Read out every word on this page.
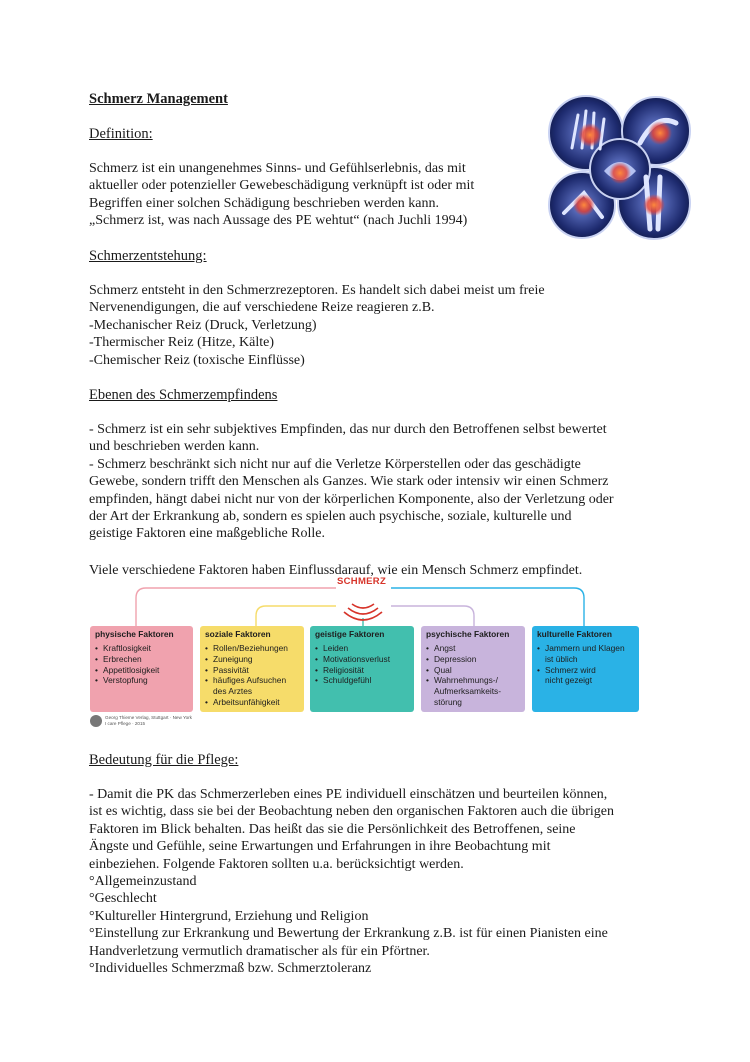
Schmerz Management
Definition:
Schmerz ist ein unangenehmes Sinns- und Gefühlserlebnis, das mit
aktueller oder potenzieller Gewebeschädigung verknüpft ist oder mit
Begriffen einer solchen Schädigung beschrieben werden kann.
„Schmerz ist, was nach Aussage des PE wehtut“ (nach Juchli 1994)
Schmerzentstehung:
Schmerz entsteht in den Schmerzrezeptoren. Es handelt sich dabei meist um freie
Nervenendigungen, die auf verschiedene Reize reagieren z.B.
-Mechanischer Reiz (Druck, Verletzung)
-Thermischer Reiz (Hitze, Kälte)
-Chemischer Reiz (toxische Einflüsse)
Ebenen des Schmerzempfindens
- Schmerz ist ein sehr subjektives Empfinden, das nur durch den Betroffenen selbst bewertet
und beschrieben werden kann.
- Schmerz beschränkt sich nicht nur auf die Verletze Körperstellen oder das geschädigte
Gewebe, sondern trifft den Menschen als Ganzes. Wie stark oder intensiv wir einen Schmerz
empfinden, hängt dabei nicht nur von der körperlichen Komponente, also der Verletzung oder
der Art der Erkrankung ab, sondern es spielen auch psychische, soziale, kulturelle und
geistige Faktoren eine maßgebliche Rolle.
Viele verschiedene Faktoren haben Einflussdarauf, wie ein Mensch Schmerz empfindet.
SCHMERZ
physische Faktoren
• Kraftlosigkeit
• Erbrechen
• Appetitlosigkeit
• Verstopfung
soziale Faktoren
• Rollen/Beziehungen
• Zuneigung
• Passivität
• häufiges Aufsuchen
des Arztes
• Arbeitsunfähigkeit
geistige Faktoren
• Leiden
• Motivationsverlust
• Religiosität
• Schuldgefühl
psychische Faktoren
• Angst
• Depression
• Qual
• Wahrnehmungs-/
Aufmerksamkeits-
störung
kulturelle Faktoren
• Jammern und Klagen
ist üblich
• Schmerz wird
nicht gezeigt
Georg Thieme Verlag, Stuttgart · New York
I care Pflege · 2015
Bedeutung für die Pflege:
- Damit die PK das Schmerzerleben eines PE individuell einschätzen und beurteilen können,
ist es wichtig, dass sie bei der Beobachtung neben den organischen Faktoren auch die übrigen
Faktoren im Blick behalten. Das heißt das sie die Persönlichkeit des Betroffenen, seine
Ängste und Gefühle, seine Erwartungen und Erfahrungen in ihre Beobachtung mit
einbeziehen. Folgende Faktoren sollten u.a. berücksichtigt werden.
°Allgemeinzustand
°Geschlecht
°Kultureller Hintergrund, Erziehung und Religion
°Einstellung zur Erkrankung und Bewertung der Erkrankung z.B. ist für einen Pianisten eine
Handverletzung vermutlich dramatischer als für ein Pförtner.
°Individuelles Schmerzmaß bzw. Schmerztoleranz
